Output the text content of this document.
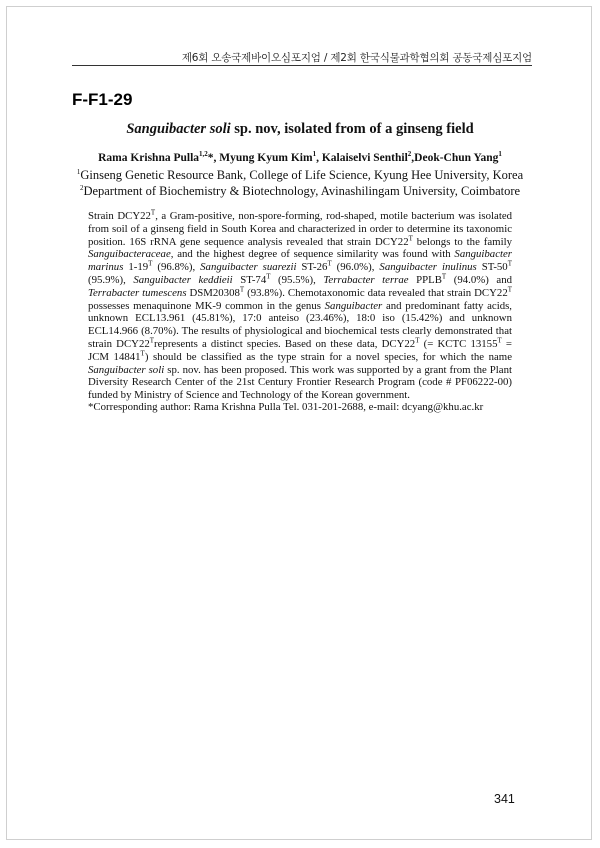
제6회 오송국제바이오심포지엄 / 제2회 한국식물과학협의회 공동국제심포지엄
F-F1-29
Sanguibacter soli sp. nov, isolated from of a ginseng field
Rama Krishna Pulla$^{1,2}$*, Myung Kyum Kim$^1$, Kalaiselvi Senthil$^2$,Deok-Chun Yang$^1$
$^1$Ginseng Genetic Resource Bank, College of Life Science, Kyung Hee University, Korea
$^2$Department of Biochemistry & Biotechnology, Avinashilingam University, Coimbatore
Strain $DCY22^T$, a Gram-positive, non-spore-forming, rod-shaped, motile bacterium was isolated from soil of a ginseng field in South Korea and characterized in order to determine its taxonomic position. 16S rRNA gene sequence analysis revealed that strain $DCY22^T$ belongs to the family Sanguibacteraceae, and the highest degree of sequence similarity was found with Sanguibacter marinus $1-19^T$ (96.8%), Sanguibacter suarezii $ST-26^T$ (96.0%), Sanguibacter inulinus $ST-50^T$ (95.9%), Sanguibacter keddieii $ST-74^T$ (95.5%), Terrabacter terrae $PPLB^T$ (94.0%) and Terrabacter tumescens $DSM20308^T$ (93.8%). Chemotaxonomic data revealed that strain $DCY22^T$ possesses menaquinone MK-9 common in the genus Sanguibacter and predominant fatty acids, unknown ECL13.961 (45.81%), 17:0 anteiso (23.46%), 18:0 iso (15.42%) and unknown ECL14.966 (8.70%). The results of physiological and biochemical tests clearly demonstrated that strain $DCY22^Trepresents$ a distinct species. Based on these data, $DCY22^T$ (= KCTC $13155^T$ = JCM $14841^T$) should be classified as the type strain for a novel species, for which the name Sanguibacter soli sp. nov. has been proposed. This work was supported by a grant from the Plant Diversity Research Center of the 21st Century Frontier Research Program (code # PF06222-00) funded by Ministry of Science and Technology of the Korean government.
*Corresponding author: Rama Krishna Pulla Tel. 031-201-2688, e-mail: dcyang@khu.ac.kr
341
